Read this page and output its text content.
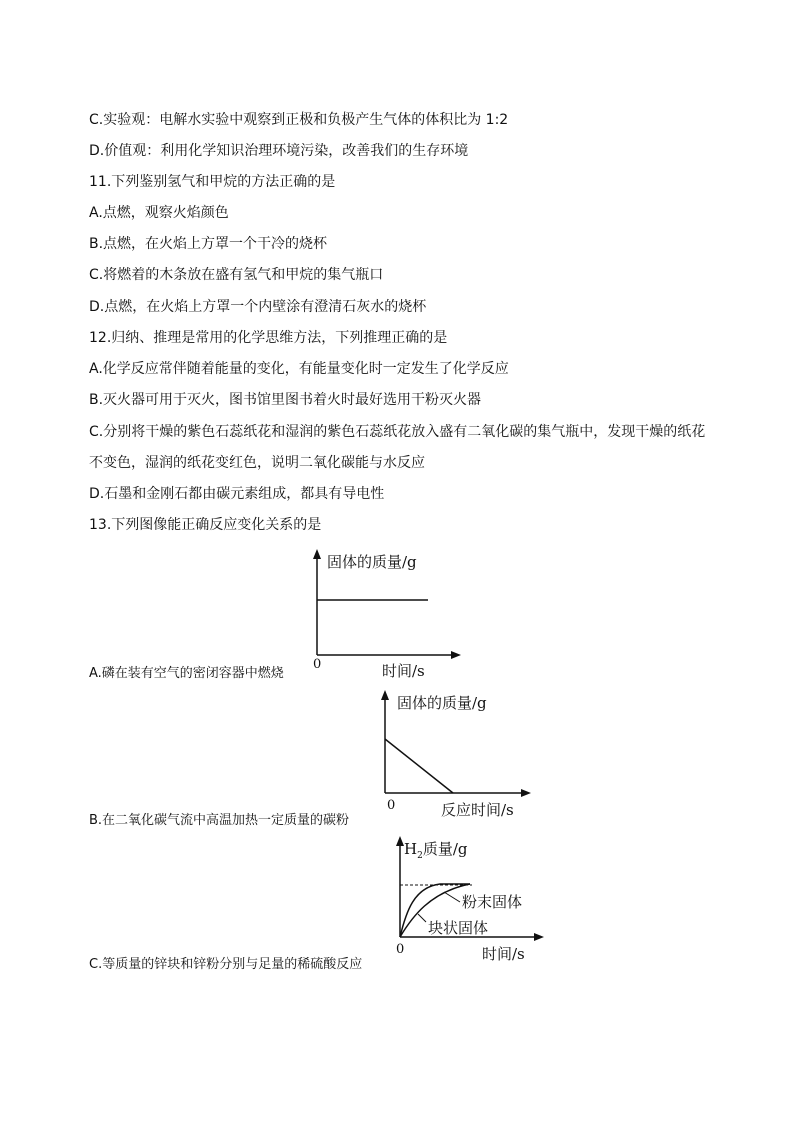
C.实验观：电解水实验中观察到正极和负极产生气体的体积比为 1:2
D.价值观：利用化学知识治理环境污染，改善我们的生存环境
11.下列鉴别氢气和甲烷的方法正确的是
A.点燃，观察火焰颜色
B.点燃，在火焰上方罩一个干冷的烧杯
C.将燃着的木条放在盛有氢气和甲烷的集气瓶口
D.点燃，在火焰上方罩一个内壁涂有澄清石灰水的烧杯
12.归纳、推理是常用的化学思维方法，下列推理正确的是
A.化学反应常伴随着能量的变化，有能量变化时一定发生了化学反应
B.灭火器可用于灭火，图书馆里图书着火时最好选用干粉灭火器
C.分别将干燥的紫色石蕊纸花和湿润的紫色石蕊纸花放入盛有二氧化碳的集气瓶中，发现干燥的纸花
不变色，湿润的纸花变红色，说明二氧化碳能与水反应
D.石墨和金刚石都由碳元素组成，都具有导电性
13.下列图像能正确反应变化关系的是
固体的质量/g
0	时间/s
A.磷在装有空气的密闭容器中燃烧
固体的质量/g
0	反应时间/s
B.在二氧化碳气流中高温加热一定质量的碳粉
$H_2$质量/g
粉末固体
块状固体
0	时间/s
C.等质量的锌块和锌粉分别与足量的稀硫酸反应
